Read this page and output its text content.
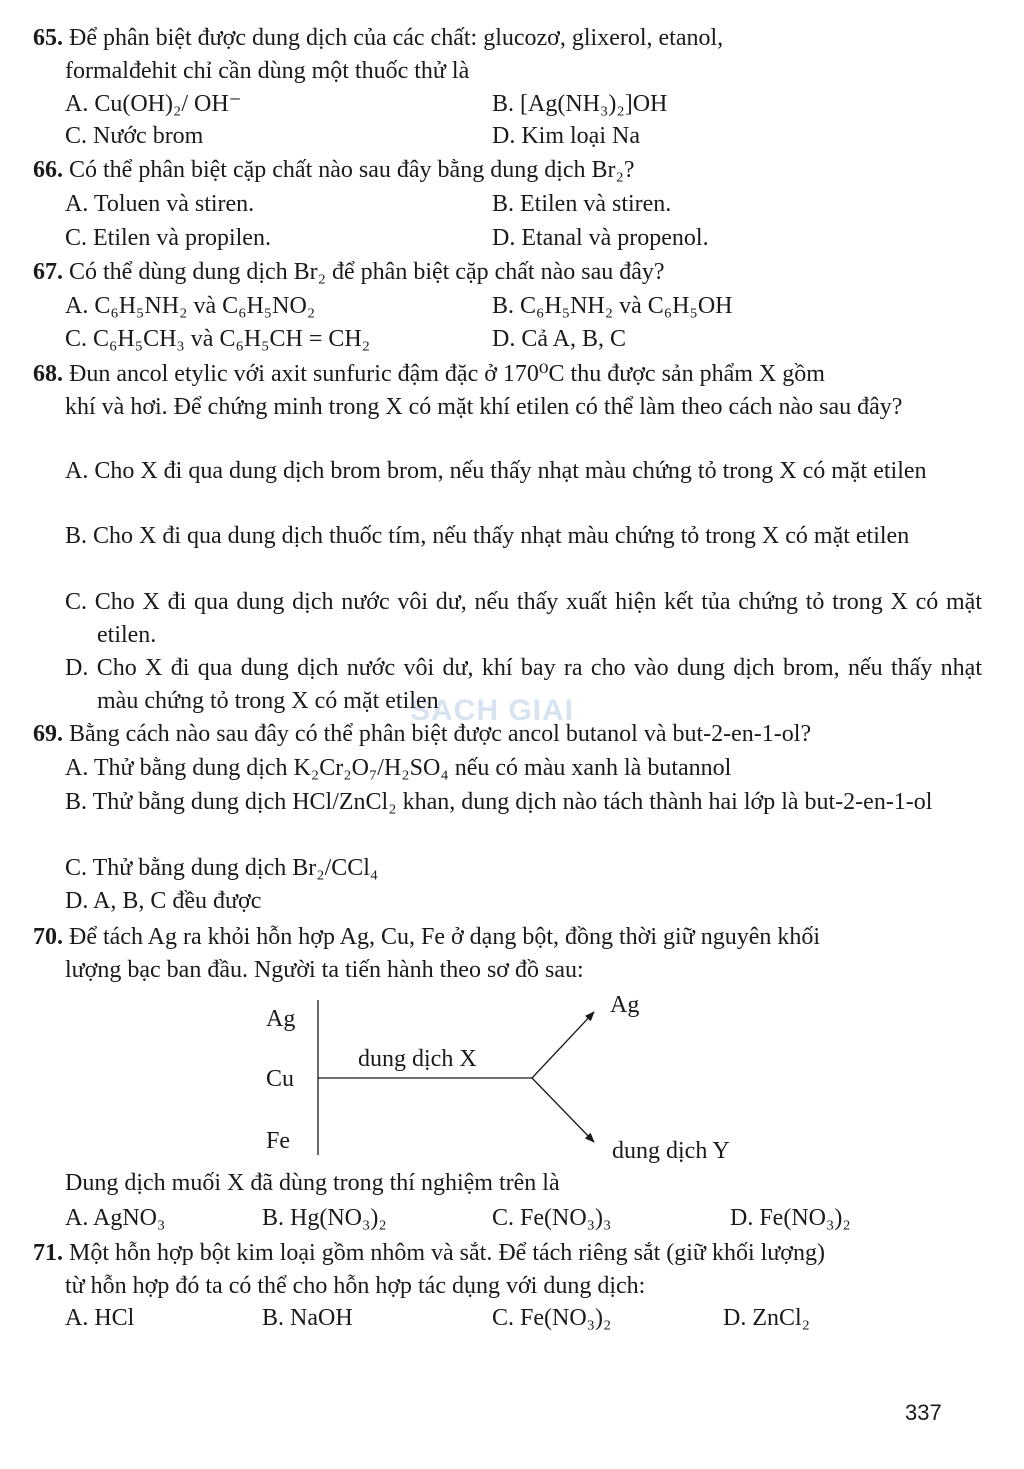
SACH GIAI
65. Để phân biệt được dung dịch của các chất: glucozơ, glixerol, etanol,
formalđehit chỉ cần dùng một thuốc thử là
A. Cu(OH)₂/ OH⁻	B. [Ag(NH₃)₂]OH
C. Nước brom	D. Kim loại Na
66. Có thể phân biệt cặp chất nào sau đây bằng dung dịch Br₂?
A. Toluen và stiren.	B. Etilen và stiren.
C. Etilen và propilen.	D. Etanal và propenol.
67. Có thể dùng dung dịch Br₂ để phân biệt cặp chất nào sau đây?
A. C₆H₅NH₂ và C₆H₅NO₂	B. C₆H₅NH₂ và C₆H₅OH
C. C₆H₅CH₃ và C₆H₅CH = CH₂	D. Cả A, B, C
68. Đun ancol etylic với axit sunfuric đậm đặc ở 170⁰C thu được sản phẩm X gồm
khí và hơi. Để chứng minh trong X có mặt khí etilen có thể làm theo cách nào sau đây?
A. Cho X đi qua dung dịch brom brom, nếu thấy nhạt màu chứng tỏ trong X có mặt etilen
B. Cho X đi qua dung dịch thuốc tím, nếu thấy nhạt màu chứng tỏ trong X có mặt etilen
C. Cho X đi qua dung dịch nước vôi dư, nếu thấy xuất hiện kết tủa chứng tỏ trong X có mặt etilen.
D. Cho X đi qua dung dịch nước vôi dư, khí bay ra cho vào dung dịch brom, nếu thấy nhạt màu chứng tỏ trong X có mặt etilen
69. Bằng cách nào sau đây có thể phân biệt được ancol butanol và but-2-en-1-ol?
A. Thử bằng dung dịch K₂Cr₂O₇/H₂SO₄ nếu có màu xanh là butannol
B. Thử bằng dung dịch HCl/ZnCl₂ khan, dung dịch nào tách thành hai lớp là but-2-en-1-ol
C. Thử bằng dung dịch Br₂/CCl₄
D. A, B, C đều được
70. Để tách Ag ra khỏi hỗn hợp Ag, Cu, Fe ở dạng bột, đồng thời giữ nguyên khối
lượng bạc ban đầu. Người ta tiến hành theo sơ đồ sau:
Ag
Cu
Fe
dung dịch X
Ag
dung dịch Y
Dung dịch muối X đã dùng trong thí nghiệm trên là
A. AgNO₃	B. Hg(NO₃)₂	C. Fe(NO₃)₃	D. Fe(NO₃)₂
71. Một hỗn hợp bột kim loại gồm nhôm và sắt. Để tách riêng sắt (giữ khối lượng)
từ hỗn hợp đó ta có thể cho hỗn hợp tác dụng với dung dịch:
A. HCl	B. NaOH	C. Fe(NO₃)₂	D. ZnCl₂
337
